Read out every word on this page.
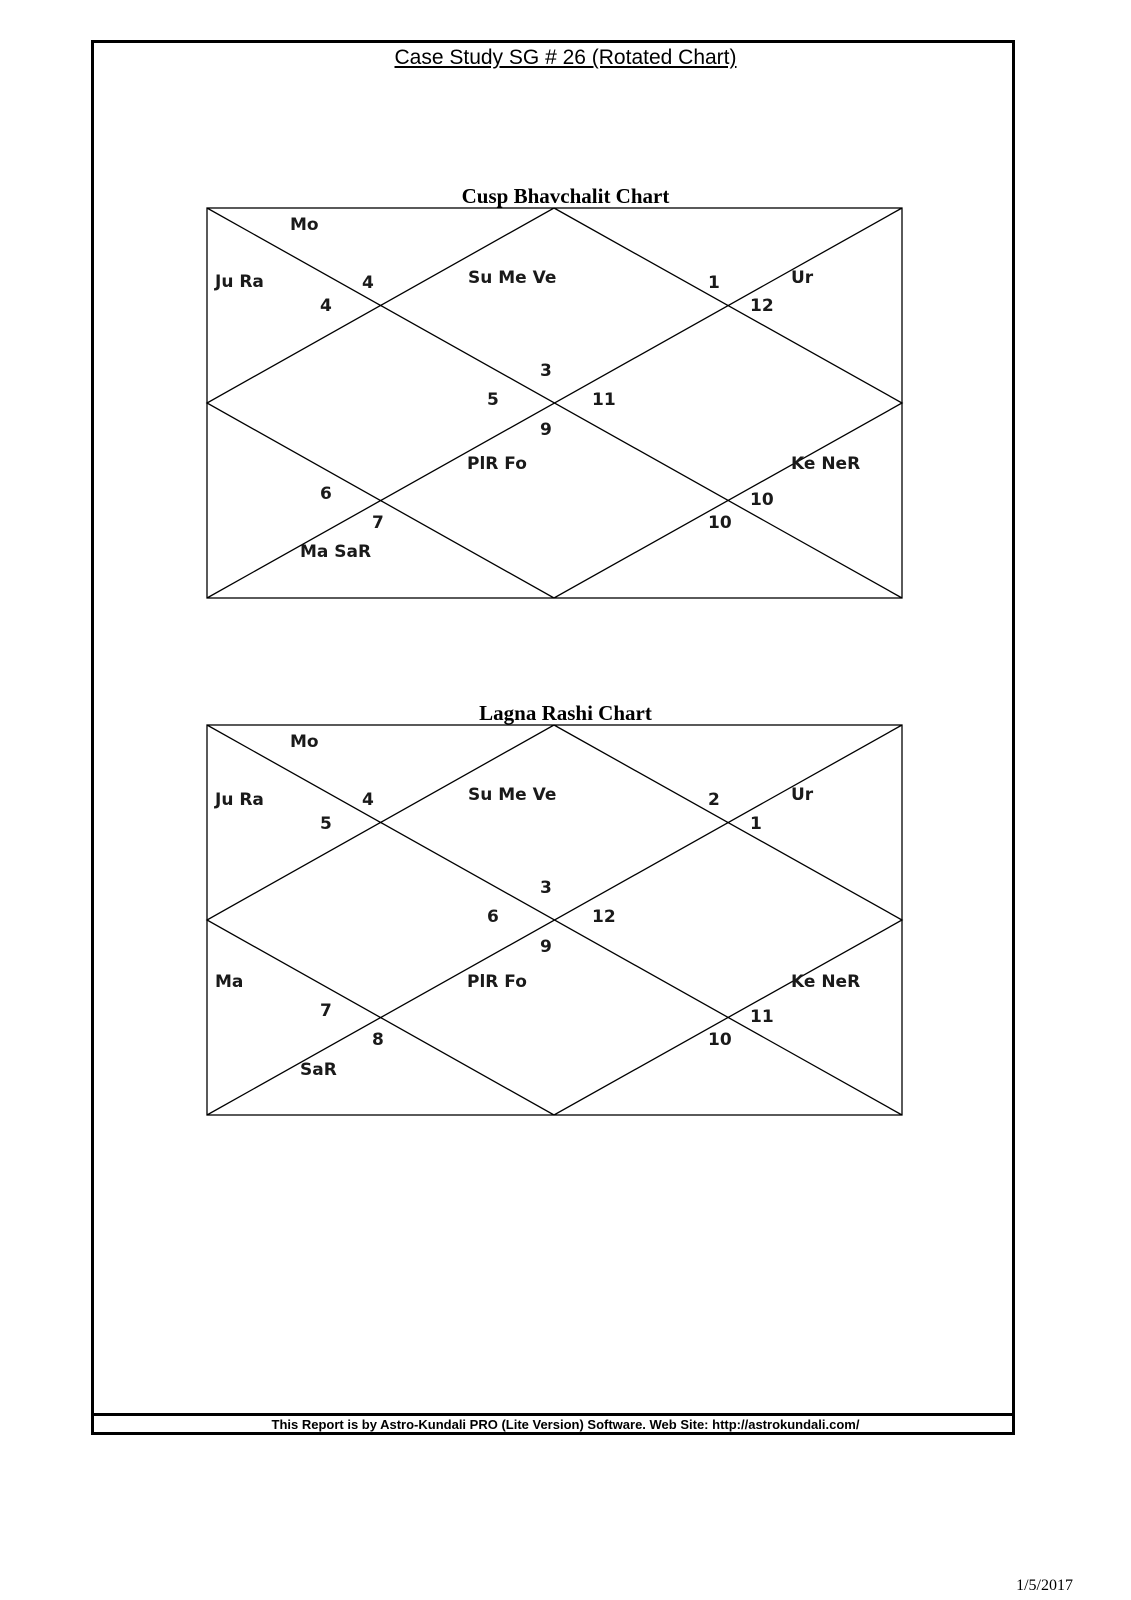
Case Study SG # 26 (Rotated Chart)
Cusp Bhavchalit Chart
Mo
Ju Ra	Su Me Ve	Ur
PlR Fo	Ke NeR
Ma SaR
4
4
1
12
3
5	11
9
6
7	10
10
Lagna Rashi Chart
Mo
Ju Ra	Su Me Ve	Ur
PlR Fo	Ke NeR
Ma
SaR
4
5
2
1
3
6	12
9
7
8	10
11
This Report is by Astro-Kundali PRO (Lite Version) Software. Web Site: http://astrokundali.com/
1/5/2017
